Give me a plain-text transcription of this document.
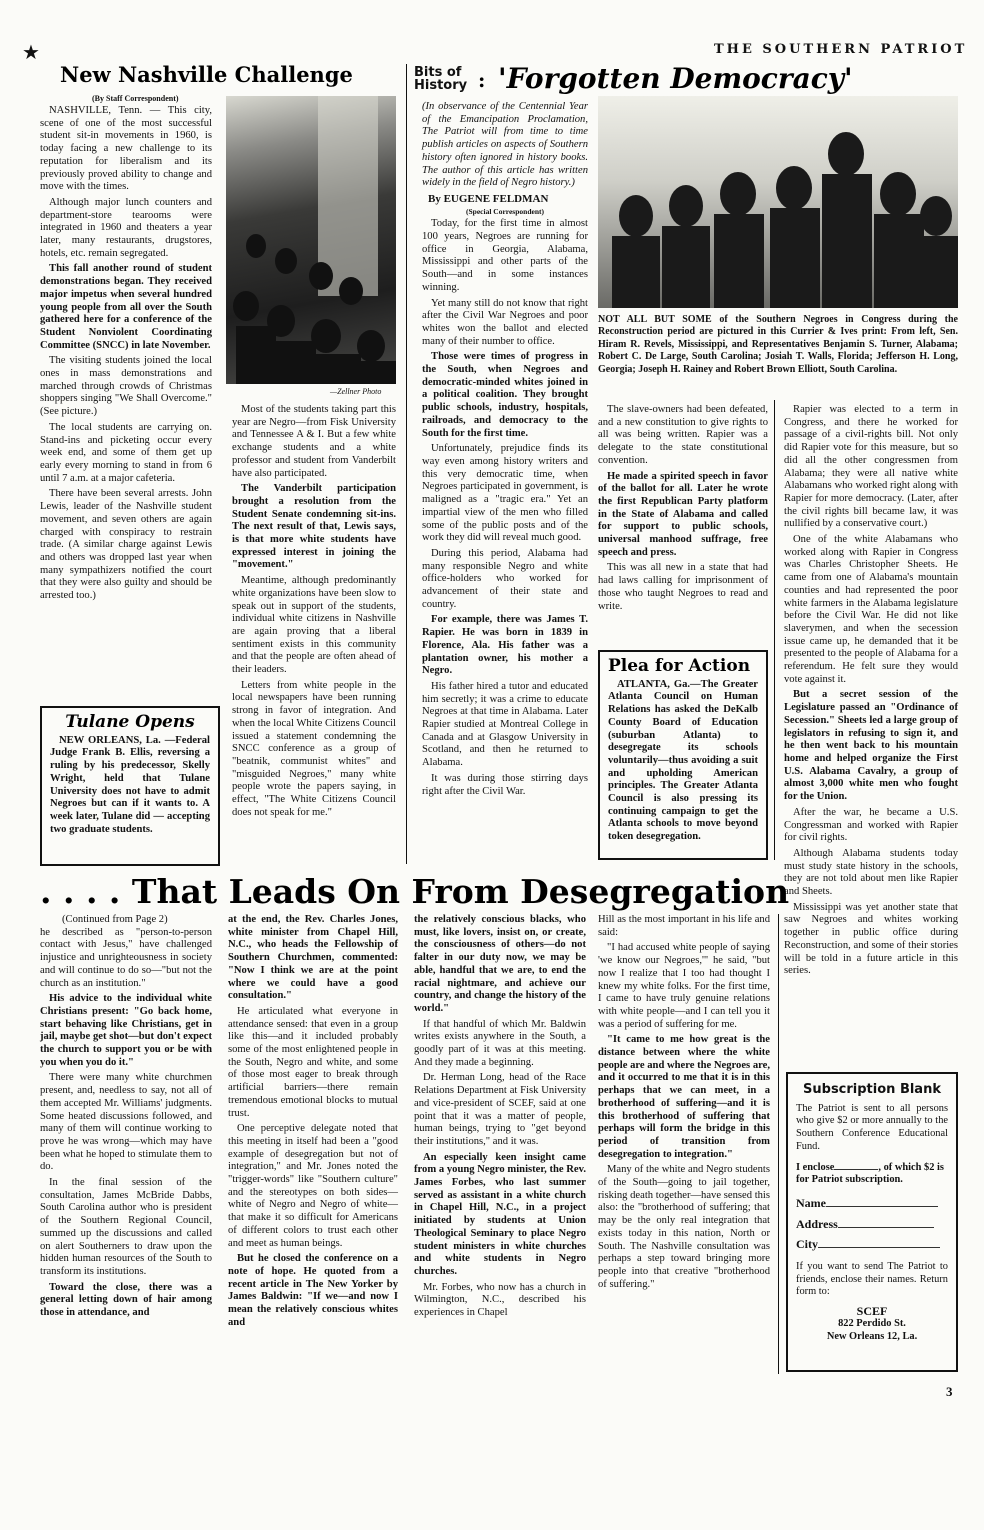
★	THE SOUTHERN PATRIOT
New Nashville Challenge
(By Staff Correspondent)

NASHVILLE, Tenn. — This city, scene of one of the most successful student sit-in movements in 1960, is today facing a new challenge to its reputation for liberalism and its previously proved ability to change and move with the times.

Although major lunch counters and department-store tearooms were integrated in 1960 and theaters a year later, many restaurants, drugstores, hotels, etc. remain segregated.

This fall another round of student demonstrations began. They received major impetus when several hundred young people from all over the South gathered here for a conference of the Student Nonviolent Coordinating Committee (SNCC) in late November.

The visiting students joined the local ones in mass demonstrations and marched through crowds of Christmas shoppers singing "We Shall Overcome." (See picture.)

The local students are carrying on. Stand-ins and picketing occur every week end, and some of them get up early every morning to stand in from 6 until 7 a.m. at a major cafeteria.

There have been several arrests. John Lewis, leader of the Nashville student movement, and seven others are again charged with conspiracy to restrain trade. (A similar charge against Lewis and others was dropped last year when many sympathizers notified the court that they were also guilty and should be arrested too.)

Tulane Opens
NEW ORLEANS, La. —Federal Judge Frank B. Ellis, reversing a ruling by his predecessor, Skelly Wright, held that Tulane University does not have to admit Negroes but can if it wants to. A week later, Tulane did — accepting two graduate students.
—Zellner Photo

Most of the students taking part this year are Negro—from Fisk University and Tennessee A & I. But a few white exchange students and a white professor and student from Vanderbilt have also participated.

The Vanderbilt participation brought a resolution from the Student Senate condemning sit-ins. The next result of that, Lewis says, is that more white students have expressed interest in joining the "movement."

Meantime, although predominantly white organizations have been slow to speak out in support of the students, individual white citizens in Nashville are again proving that a liberal sentiment exists in this community and that the people are often ahead of their leaders.

Letters from white people in the local newspapers have been running strong in favor of integration. And when the local White Citizens Council issued a statement condemning the SNCC conference as a group of "beatnik, communist whites" and "misguided Negroes," many white people wrote the papers saying, in effect, "The White Citizens Council does not speak for me."

Bits of
History : 'Forgotten Democracy'

(In observance of the Centennial Year of the Emancipation Proclamation, The Patriot will from time to time publish articles on aspects of Southern history often ignored in history books. The author of this article has written widely in the field of Negro history.)

By EUGENE FELDMAN
(Special Correspondent)

Today, for the first time in almost 100 years, Negroes are running for office in Georgia, Alabama, Mississippi and other parts of the South—and in some instances winning.

Yet many still do not know that right after the Civil War Negroes and poor whites won the ballot and elected many of their number to office.

Those were times of progress in the South, when Negroes and democratic-minded whites joined in a political coalition. They brought public schools, industry, hospitals, railroads, and democracy to the South for the first time.

Unfortunately, prejudice finds its way even among history writers and this very democratic time, when Negroes participated in government, is maligned as a "tragic era." Yet an impartial view of the men who filled some of the public posts and of the work they did will reveal much good.

During this period, Alabama had many responsible Negro and white office-holders who worked for advancement of their state and country.

For example, there was James T. Rapier. He was born in 1839 in Florence, Ala. His father was a plantation owner, his mother a Negro.

His father hired a tutor and educated him secretly; it was a crime to educate Negroes at that time in Alabama. Later Rapier studied at Montreal College in Canada and at Glasgow University in Scotland, and then he returned to Alabama.

It was during those stirring days right after the Civil War.

NOT ALL BUT SOME of the Southern Negroes in Congress during the Reconstruction period are pictured in this Currier & Ives print: From left, Sen. Hiram R. Revels, Mississippi, and Representatives Benjamin S. Turner, Alabama; Robert C. De Large, South Carolina; Josiah T. Walls, Florida; Jefferson H. Long, Georgia; Joseph H. Rainey and Robert Brown Elliott, South Carolina.

The slave-owners had been defeated, and a new constitution to give rights to all was being written. Rapier was a delegate to the state constitutional convention.

He made a spirited speech in favor of the ballot for all. Later he wrote the first Republican Party platform in the State of Alabama and called for support to public schools, universal manhood suffrage, free speech and press.

This was all new in a state that had had laws calling for imprisonment of those who taught Negroes to read and write.

Plea for Action
ATLANTA, Ga.—The Greater Atlanta Council on Human Relations has asked the DeKalb County Board of Education (suburban Atlanta) to desegregate its schools voluntarily—thus avoiding a suit and upholding American principles. The Greater Atlanta Council is also pressing its continuing campaign to get the Atlanta schools to move beyond token desegregation.

Rapier was elected to a term in Congress, and there he worked for passage of a civil-rights bill. Not only did Rapier vote for this measure, but so did all the other congressmen from Alabama; they were all native white Alabamans who worked right along with Rapier for more democracy. (Later, after the civil rights bill became law, it was nullified by a conservative court.)

One of the white Alabamans who worked along with Rapier in Congress was Charles Christopher Sheets. He came from one of Alabama's mountain counties and had represented the poor white farmers in the Alabama legislature before the Civil War. He did not like slaverymen, and when the secession issue came up, he demanded that it be presented to the people of Alabama for a referendum. He felt sure they would vote against it.

But a secret session of the Legislature passed an "Ordinance of Secession." Sheets led a large group of legislators in refusing to sign it, and he then went back to his mountain home and helped organize the First U.S. Alabama Cavalry, a group of almost 3,000 white men who fought for the Union.

After the war, he became a U.S. Congressman and worked with Rapier for civil rights.

Although Alabama students today must study state history in the schools, they are not told about men like Rapier and Sheets.

Mississippi was yet another state that saw Negroes and whites working together in public office during Reconstruction, and some of their stories will be told in a future article in this series.

. . . . That Leads On From Desegregation
(Continued from Page 2)

he described as "person-to-person contact with Jesus," have challenged injustice and unrighteousness in society and will continue to do so—"but not the church as an institution."

His advice to the individual white Christians present: "Go back home, start behaving like Christians, get in jail, maybe get shot—but don't expect the church to support you or be with you when you do it."

There were many white churchmen present, and, needless to say, not all of them accepted Mr. Williams' judgments. Some heated discussions followed, and many of them will continue working to prove he was wrong—which may have been what he hoped to stimulate them to do.

In the final session of the consultation, James McBride Dabbs, South Carolina author who is president of the Southern Regional Council, summed up the discussions and called on alert Southerners to draw upon the hidden human resources of the South to transform its institutions.

Toward the close, there was a general letting down of hair among those in attendance, and

at the end, the Rev. Charles Jones, white minister from Chapel Hill, N.C., who heads the Fellowship of Southern Churchmen, commented: "Now I think we are at the point where we could have a good consultation."

He articulated what everyone in attendance sensed: that even in a group like this—and it included probably some of the most enlightened people in the South, Negro and white, and some of those most eager to break through artificial barriers—there remain tremendous emotional blocks to mutual trust.

One perceptive delegate noted that this meeting in itself had been a "good example of desegregation but not of integration," and Mr. Jones noted the "trigger-words" like "Southern culture" and the stereotypes on both sides—white of Negro and Negro of white—that make it so difficult for Americans of different colors to trust each other and meet as human beings.

But he closed the conference on a note of hope. He quoted from a recent article in The New Yorker by James Baldwin: "If we—and now I mean the relatively conscious whites and

the relatively conscious blacks, who must, like lovers, insist on, or create, the consciousness of others—do not falter in our duty now, we may be able, handful that we are, to end the racial nightmare, and achieve our country, and change the history of the world."

If that handful of which Mr. Baldwin writes exists anywhere in the South, a goodly part of it was at this meeting. And they made a beginning.

Dr. Herman Long, head of the Race Relations Department at Fisk University and vice-president of SCEF, said at one point that it was a matter of people, human beings, trying to "get beyond their institutions," and it was.

An especially keen insight came from a young Negro minister, the Rev. James Forbes, who last summer served as assistant in a white church in Chapel Hill, N.C., in a project initiated by students at Union Theological Seminary to place Negro student ministers in white churches and white students in Negro churches.

Mr. Forbes, who now has a church in Wilmington, N.C., described his experiences in Chapel

Hill as the most important in his life and said:

"I had accused white people of saying 'we know our Negroes,'" he said, "but now I realize that I too had thought I knew my white folks. For the first time, I came to have truly genuine relations with white people—and I can tell you it was a period of suffering for me.

"It came to me how great is the distance between where the white people are and where the Negroes are, and it occurred to me that it is in this perhaps that we can meet, in a brotherhood of suffering—and it is this brotherhood of suffering that perhaps will form the bridge in this period of transition from desegregation to integration."

Many of the white and Negro students of the South—going to jail together, risking death together—have sensed this also: the "brotherhood of suffering; that may be the only real integration that exists today in this nation, North or South. The Nashville consultation was perhaps a step toward bringing more people into that creative "brotherhood of suffering."

Subscription Blank
The Patriot is sent to all persons who give $2 or more annually to the Southern Conference Educational Fund.
I enclose	, of which $2 is for Patriot subscription.
Name
Address
City
If you want to send The Patriot to friends, enclose their names. Return form to:
SCEF
822 Perdido St.
New Orleans 12, La.
3
